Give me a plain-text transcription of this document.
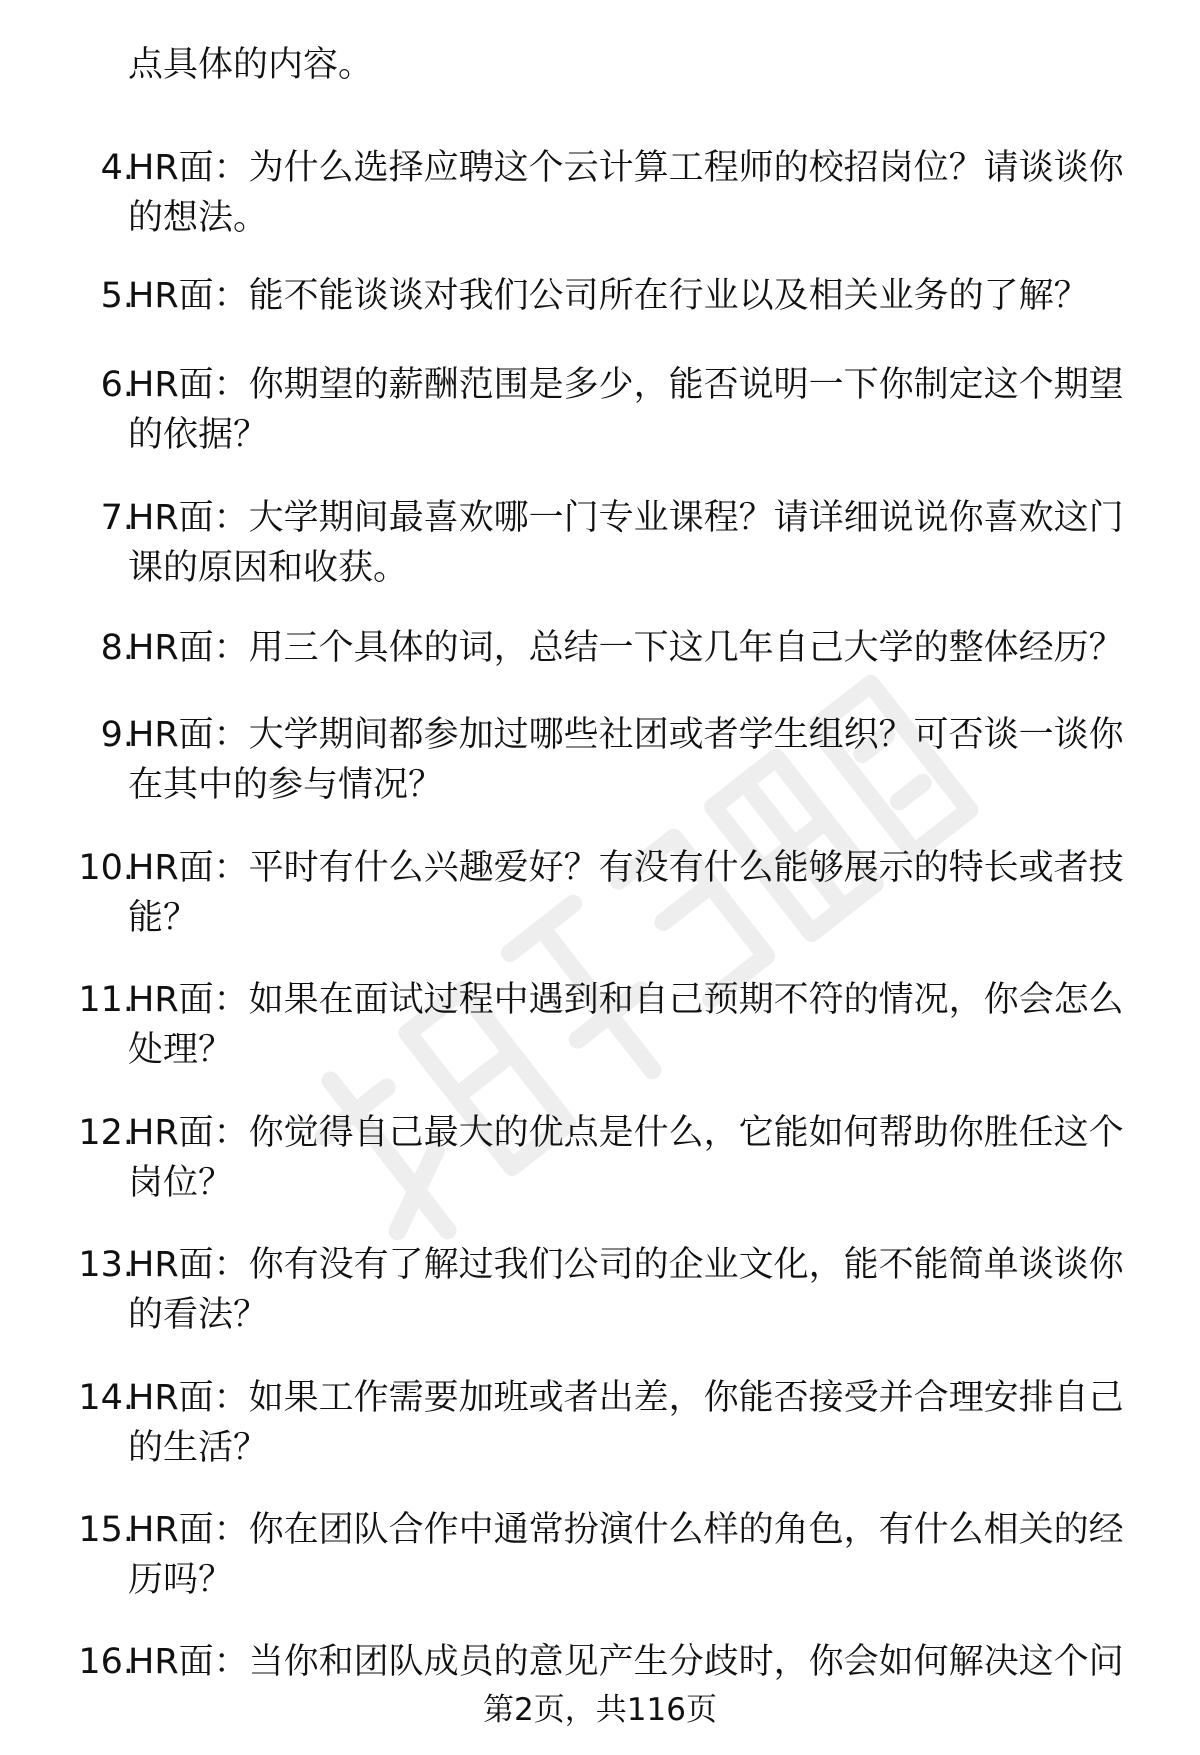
点具体的内容。
4.
HR面：为什么选择应聘这个云计算工程师的校招岗位？请谈谈你
的想法。
5.
HR面：能不能谈谈对我们公司所在行业以及相关业务的了解？
6.
HR面：你期望的薪酬范围是多少，能否说明一下你制定这个期望
的依据？
7.
HR面：大学期间最喜欢哪一门专业课程？请详细说说你喜欢这门
课的原因和收获。
8.
HR面：用三个具体的词，总结一下这几年自己大学的整体经历？
9.
HR面：大学期间都参加过哪些社团或者学生组织？可否谈一谈你
在其中的参与情况？
10.
HR面：平时有什么兴趣爱好？有没有什么能够展示的特长或者技
能？
11.
HR面：如果在面试过程中遇到和自己预期不符的情况，你会怎么
处理？
12.
HR面：你觉得自己最大的优点是什么，它能如何帮助你胜任这个
岗位？
13.
HR面：你有没有了解过我们公司的企业文化，能不能简单谈谈你
的看法？
14.
HR面：如果工作需要加班或者出差，你能否接受并合理安排自己
的生活？
15.
HR面：你在团队合作中通常扮演什么样的角色，有什么相关的经
历吗？
16.
HR面：当你和团队成员的意见产生分歧时，你会如何解决这个问
第2页，共116页
